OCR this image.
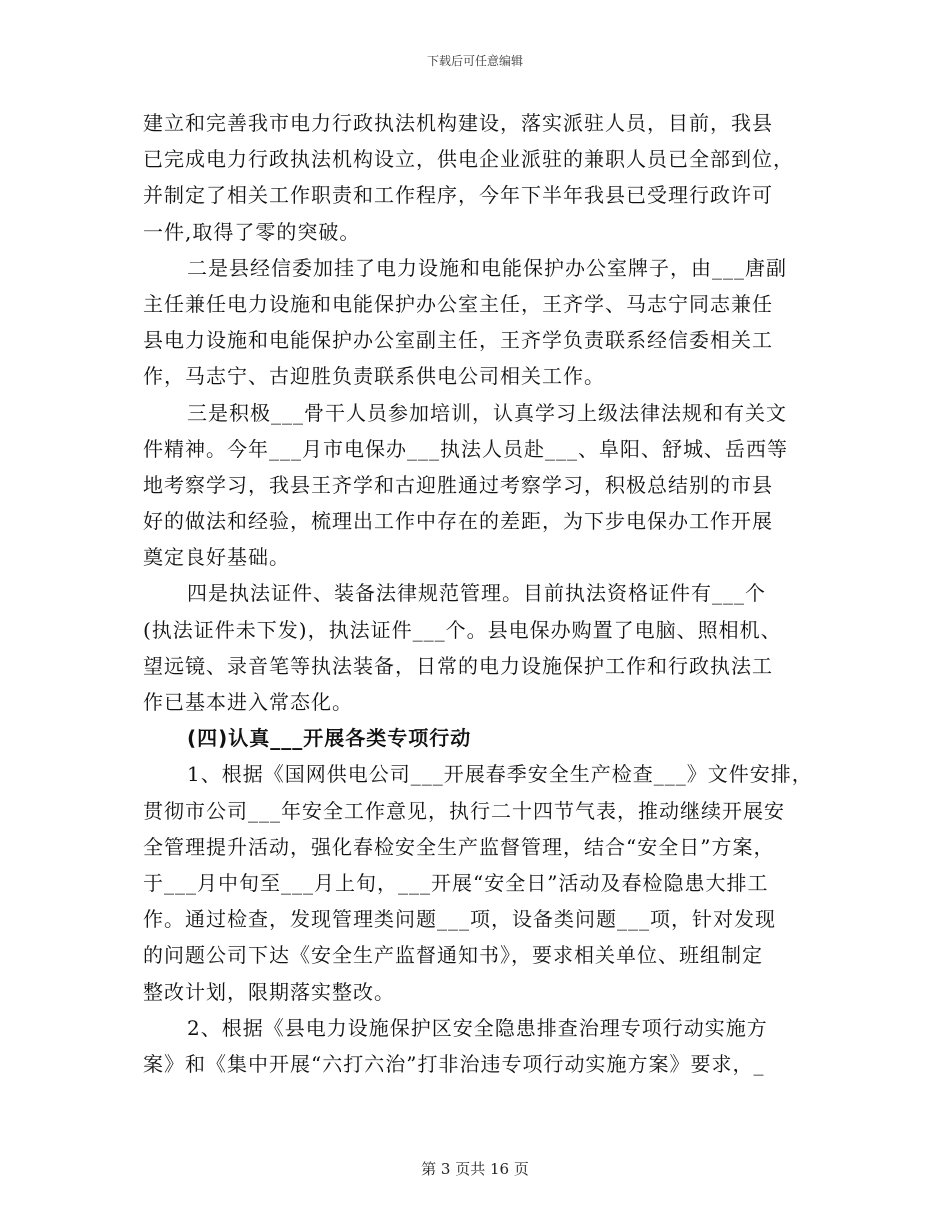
下载后可任意编辑
建立和完善我市电力行政执法机构建设，落实派驻人员，目前，我县
已完成电力行政执法机构设立，供电企业派驻的兼职人员已全部到位，
并制定了相关工作职责和工作程序，今年下半年我县已受理行政许可
一件,取得了零的突破。
二是县经信委加挂了电力设施和电能保护办公室牌子，由___唐副
主任兼任电力设施和电能保护办公室主任，王齐学、马志宁同志兼任
县电力设施和电能保护办公室副主任，王齐学负责联系经信委相关工
作，马志宁、古迎胜负责联系供电公司相关工作。
三是积极___骨干人员参加培训，认真学习上级法律法规和有关文
件精神。今年___月市电保办___执法人员赴___、阜阳、舒城、岳西等
地考察学习，我县王齐学和古迎胜通过考察学习，积极总结别的市县
好的做法和经验，梳理出工作中存在的差距，为下步电保办工作开展
奠定良好基础。
四是执法证件、装备法律规范管理。目前执法资格证件有___个
(执法证件未下发)，执法证件___个。县电保办购置了电脑、照相机、
望远镜、录音笔等执法装备，日常的电力设施保护工作和行政执法工
作已基本进入常态化。
(四)认真___开展各类专项行动
1、根据《国网供电公司___开展春季安全生产检查___》文件安排，
贯彻市公司___年安全工作意见，执行二十四节气表，推动继续开展安
全管理提升活动，强化春检安全生产监督管理，结合“安全日”方案，
于___月中旬至___月上旬，___开展“安全日”活动及春检隐患大排工
作。通过检查，发现管理类问题___项，设备类问题___项，针对发现
的问题公司下达《安全生产监督通知书》，要求相关单位、班组制定
整改计划，限期落实整改。
2、根据《县电力设施保护区安全隐患排查治理专项行动实施方
案》和《集中开展“六打六治”打非治违专项行动实施方案》要求，_
第 3 页共 16 页
